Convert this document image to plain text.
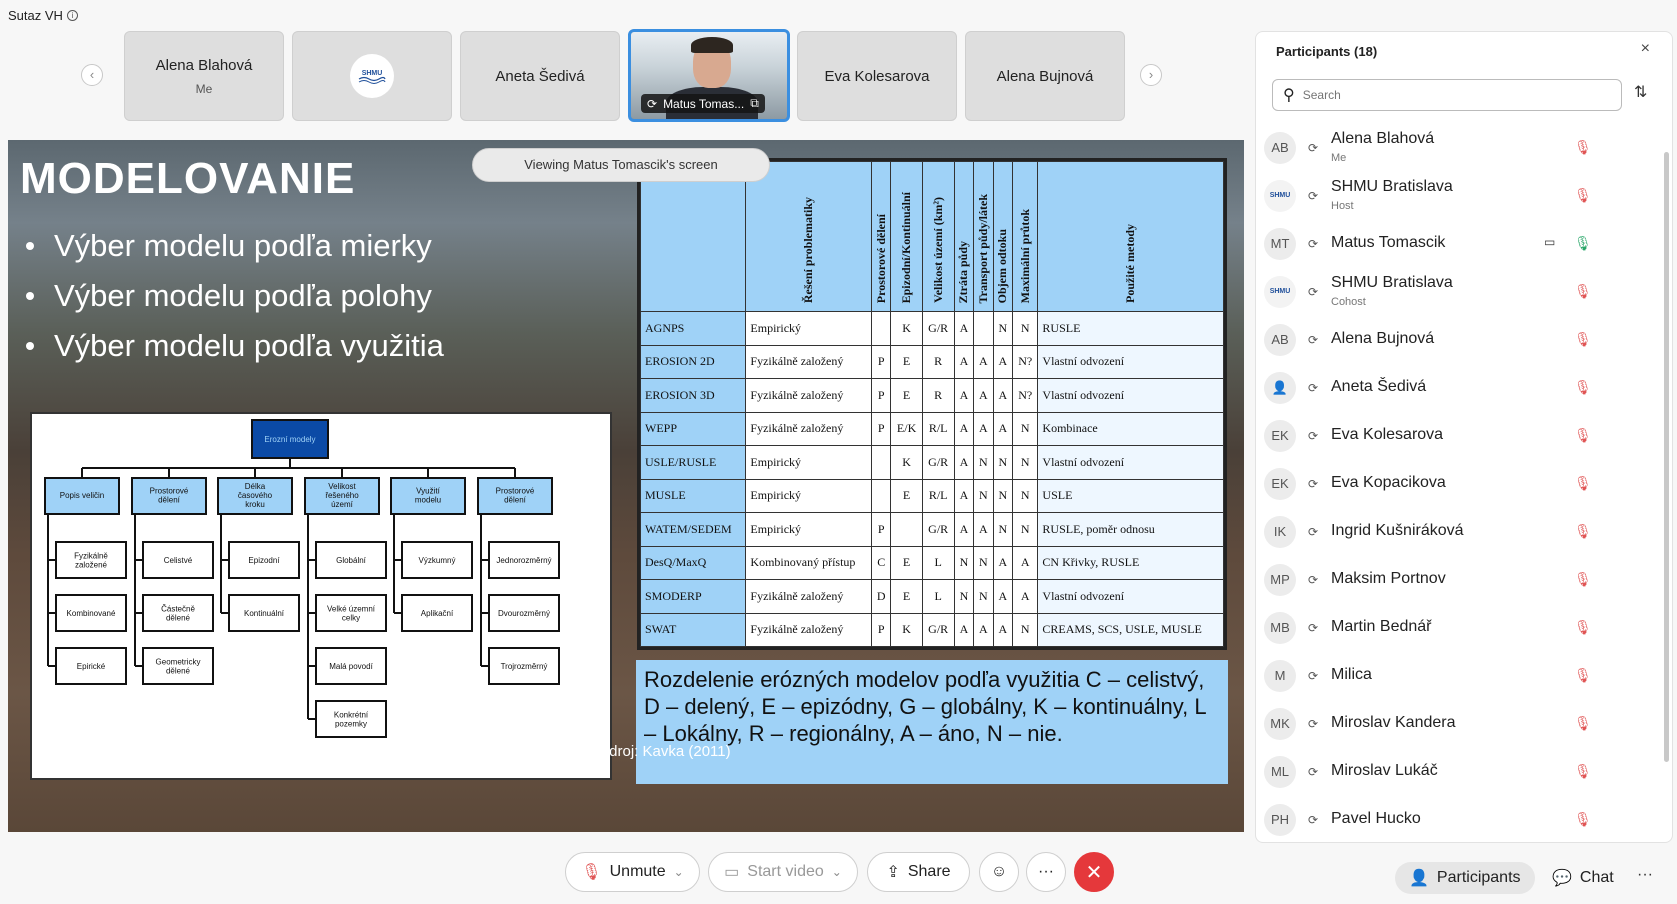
Sutaz VH	i
‹
Alena Blahová
Me
SHMU	Aneta Šedivá
⟳ Matus Tomas... ⧉
Eva Kolesarova	Alena Bujnová	›
Viewing Matus Tomascik's screen
MODELOVANIE
Výber modelu podľa mierky
Výber modelu podľa polohy
Výber modelu podľa využitia
Erozní modely
Popis veličin
Fyzikálně založené
Kombinované
Epirické
Prostorové dělení
Celistvé
Částečně dělené
Geometricky dělené
Délka časového kroku
Epizodní
Kontinuální
Velikost řešeného území
Globální
Velké územní celky
Malá povodí
Konkrétní pozemky
Využití modelu
Výzkumný
Aplikační
Prostorové dělení
Jednorozměrný
Dvourozměrný
Trojrozměrný
	Řešení problematiky	Prostorové dělení	Epizodní/Kontinuální	Velikost území (km²)	Ztráta půdy	Transport půdy/látek	Objem odtoku	Maximální průtok	Použité metody
AGNPS	Empirický		K	G/R	A		N	N	RUSLE
EROSION 2D	Fyzikálně založený	P	E	R	A	A	A	N?	Vlastní odvození
EROSION 3D	Fyzikálně založený	P	E	R	A	A	A	N?	Vlastní odvození
WEPP	Fyzikálně založený	P	E/K	R/L	A	A	A	N	Kombinace
USLE/RUSLE	Empirický		K	G/R	A	N	N	N	Vlastní odvození
MUSLE	Empirický		E	R/L	A	N	N	N	USLE
WATEM/SEDEM	Empirický	P		G/R	A	A	N	N	RUSLE, poměr odnosu
DesQ/MaxQ	Kombinovaný přístup	C	E	L	N	N	A	A	CN Křivky, RUSLE
SMODERP	Fyzikálně založený	D	E	L	N	N	A	A	Vlastní odvození
SWAT	Fyzikálně založený	P	K	G/R	A	A	A	N	CREAMS, SCS, USLE, MUSLE
Rozdelenie erózných modelov podľa využitia C – celistvý, D – delený, E – epizódny, G – globálny, K – kontinuálny, L – Lokálny, R – regionálny, A – áno, N – nie.
Zdroj: Kavka (2011)	Zdroj: Kavka (2011)
🎙 Unmute ⌄	▭ Start video ⌄	⇪ Share	☺	···	✕
Participants (18)	×
⚲
Search	⇅
AB	⟳
Alena Blahová
Me
🎙
SHMU	⟳
SHMU Bratislava
Host
🎙
MT	⟳ Matus Tomascik	▭ 🎙
SHMU	⟳
SHMU Bratislava
Cohost
🎙
AB	⟳ Alena Bujnová	🎙
👤	⟳ Aneta Šedivá	🎙
EK	⟳ Eva Kolesarova	🎙
EK	⟳ Eva Kopacikova	🎙
IK	⟳ Ingrid Kušniráková	🎙
MP	⟳ Maksim Portnov	🎙
MB	⟳ Martin Bednář	🎙
M	⟳ Milica	🎙
MK	⟳ Miroslav Kandera	🎙
ML	⟳ Miroslav Lukáč	🎙
PH	⟳ Pavel Hucko	🎙
👤 Participants 💬 Chat ···
